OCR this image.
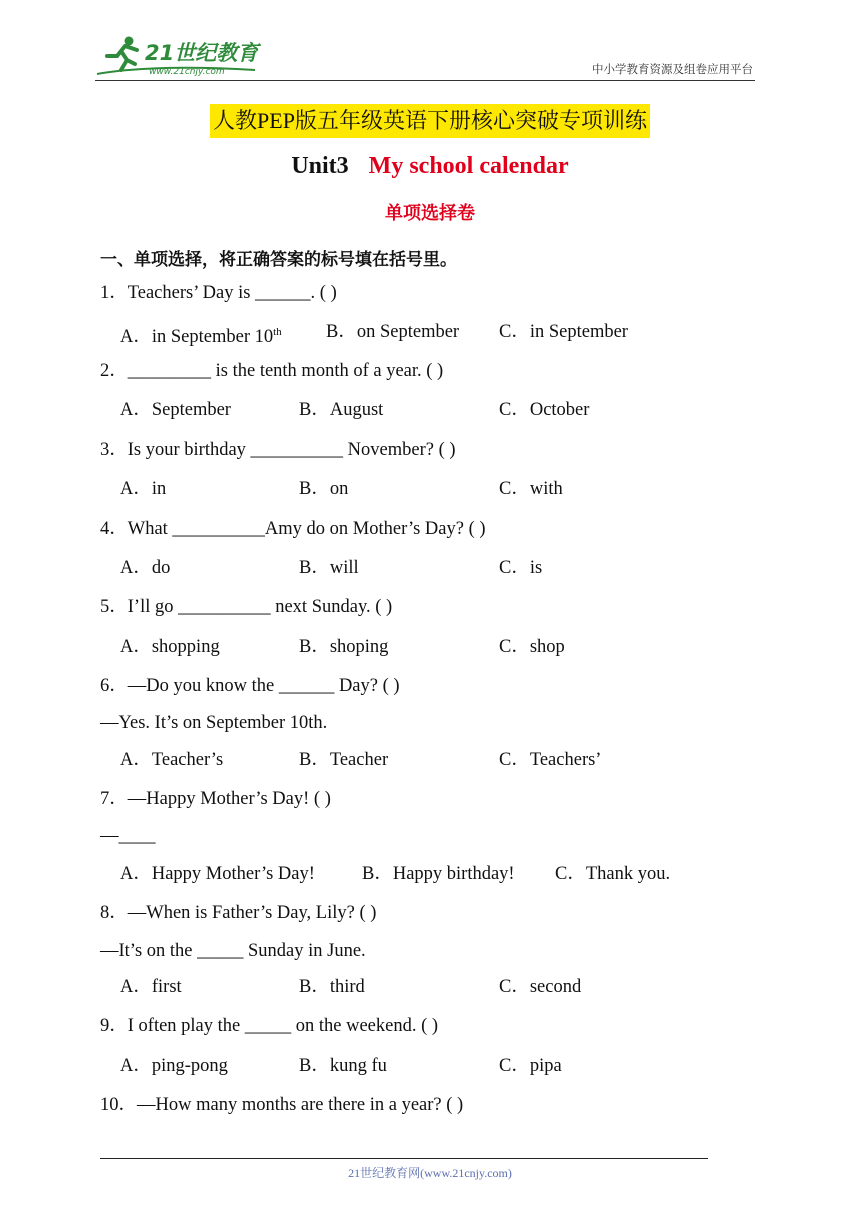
21世纪教育
www.21cnjy.com	中小学教育资源及组卷应用平台
人教PEP版五年级英语下册核心突破专项训练
Unit3 My school calendar
单项选择卷
一、单项选择，将正确答案的标号填在括号里。
1．Teachers’ Day is ______. ( )
A．in September 10th B．on September C．in September
2．_________ is the tenth month of a year. ( )
A．September	B．August	C．October
3．Is your birthday __________ November? ( )
A．in	B．on	C．with
4．What __________Amy do on Mother’s Day? ( )
A．do	B．will	C．is
5．I’ll go __________ next Sunday. ( )
A．shopping	B．shoping	C．shop
6．—Do you know the ______ Day? ( )
—Yes. It’s on September 10th.
A．Teacher’s	B．Teacher	C．Teachers’
7．—Happy Mother’s Day! ( )
—____
A．Happy Mother’s Day!	B．Happy birthday! C．Thank you.
8．—When is Father’s Day, Lily? ( )
—It’s on the _____ Sunday in June.
A．first	B．third	C．second
9．I often play the _____ on the weekend. ( )
A．ping-pong	B．kung fu	C．pipa
10．—How many months are there in a year? ( )
21世纪教育网(www.21cnjy.com)
